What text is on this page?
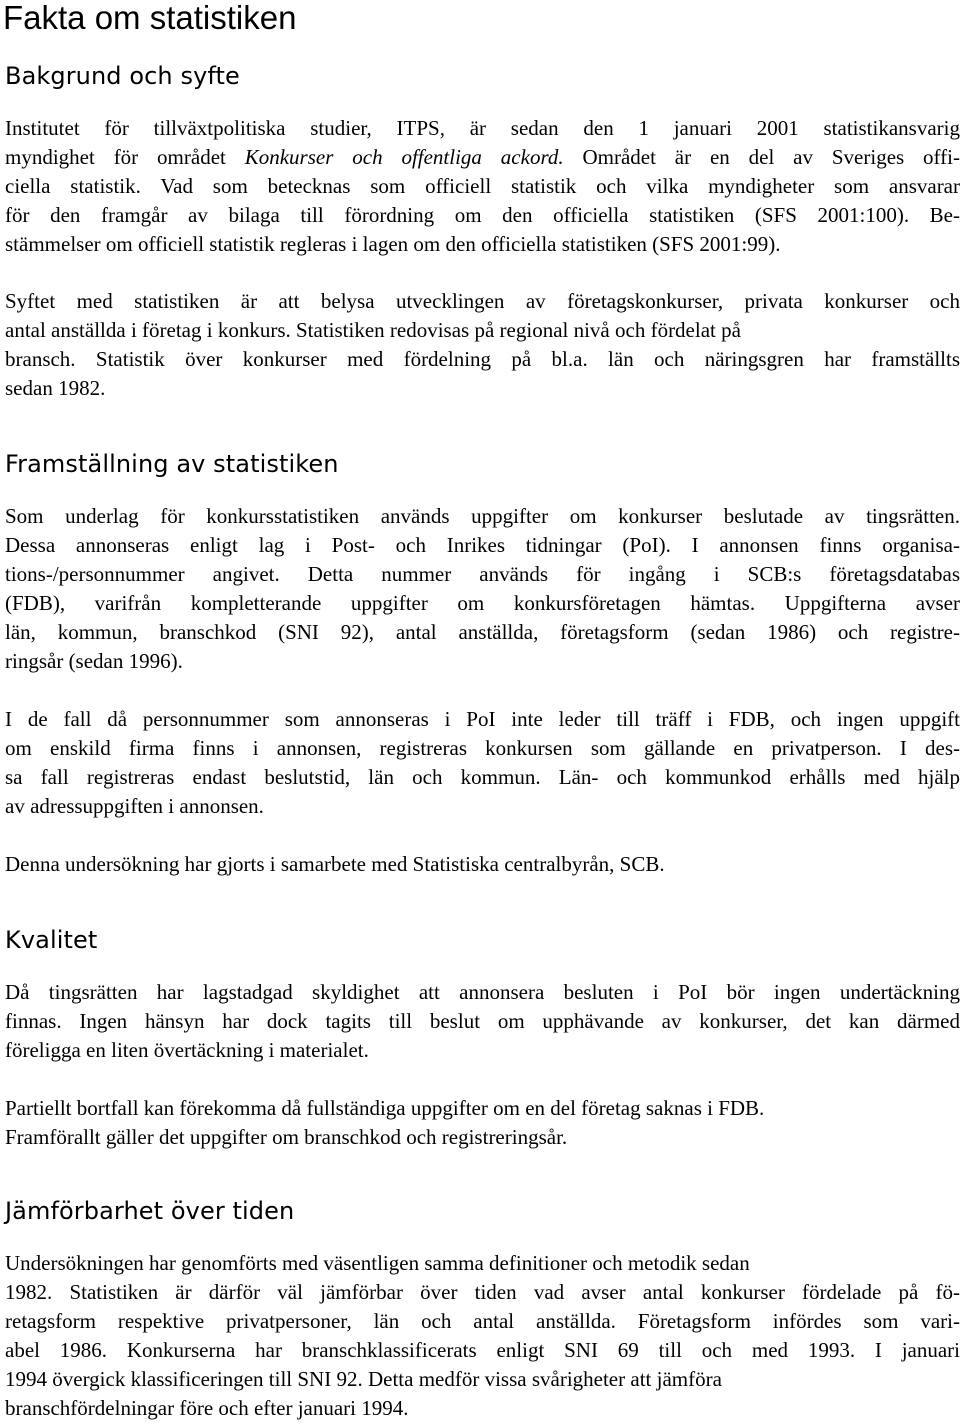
Fakta om statistiken
Bakgrund och syfte
Institutet för tillväxtpolitiska studier, ITPS, är sedan den 1 januari 2001 statistikansvarig
myndighet för området Konkurser och offentliga ackord. Området är en del av Sveriges offi-
ciella statistik. Vad som betecknas som officiell statistik och vilka myndigheter som ansvarar
för den framgår av bilaga till förordning om den officiella statistiken (SFS 2001:100). Be-
stämmelser om officiell statistik regleras i lagen om den officiella statistiken (SFS 2001:99).
Syftet med statistiken är att belysa utvecklingen av företagskonkurser, privata konkurser och
antal anställda i företag i konkurs. Statistiken redovisas på regional nivå och fördelat på
bransch. Statistik över konkurser med fördelning på bl.a. län och näringsgren har framställts
sedan 1982.
Framställning av statistiken
Som underlag för konkursstatistiken används uppgifter om konkurser beslutade av tingsrätten.
Dessa annonseras enligt lag i Post- och Inrikes tidningar (PoI). I annonsen finns organisa-
tions-/personnummer angivet. Detta nummer används för ingång i SCB:s företagsdatabas
(FDB), varifrån kompletterande uppgifter om konkursföretagen hämtas. Uppgifterna avser
län, kommun, branschkod (SNI 92), antal anställda, företagsform (sedan 1986) och registre-
ringsår (sedan 1996).
I de fall då personnummer som annonseras i PoI inte leder till träff i FDB, och ingen uppgift
om enskild firma finns i annonsen, registreras konkursen som gällande en privatperson. I des-
sa fall registreras endast beslutstid, län och kommun. Län- och kommunkod erhålls med hjälp
av adressuppgiften i annonsen.
Denna undersökning har gjorts i samarbete med Statistiska centralbyrån, SCB.
Kvalitet
Då tingsrätten har lagstadgad skyldighet att annonsera besluten i PoI bör ingen undertäckning
finnas. Ingen hänsyn har dock tagits till beslut om upphävande av konkurser, det kan därmed
föreligga en liten övertäckning i materialet.
Partiellt bortfall kan förekomma då fullständiga uppgifter om en del företag saknas i FDB.
Framförallt gäller det uppgifter om branschkod och registreringsår.
Jämförbarhet över tiden
Undersökningen har genomförts med väsentligen samma definitioner och metodik sedan
1982. Statistiken är därför väl jämförbar över tiden vad avser antal konkurser fördelade på fö-
retagsform respektive privatpersoner, län och antal anställda. Företagsform infördes som vari-
abel 1986. Konkurserna har branschklassificerats enligt SNI 69 till och med 1993. I januari
1994 övergick klassificeringen till SNI 92. Detta medför vissa svårigheter att jämföra
branschfördelningar före och efter januari 1994.
